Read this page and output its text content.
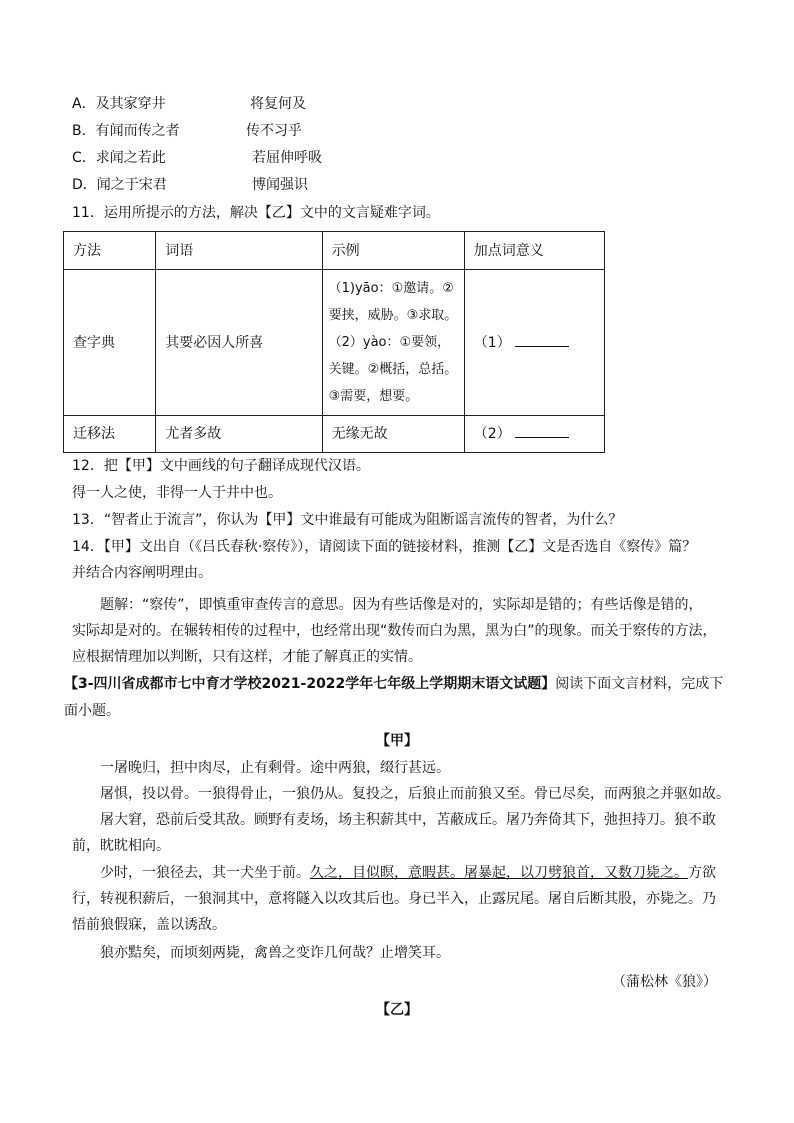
A．及其家穿井	将复何及
B．有闻而传之者	传不习乎
C．求闻之若此	若屈伸呼吸
D．闻之于宋君	博闻强识
11．运用所提示的方法，解决【乙】文中的文言疑难字词。
方法	词语	示例	加点词意义
查字典	其要必因人所喜	（1)yāo：①邀请。②
要挟，威胁。③求取。
（2）yào：①要领，
关键。②概括，总括。
③需要，想要。	（1）
迁移法	尤者多故	无缘无故	（2）
12．把【甲】文中画线的句子翻译成现代汉语。
得一人之使，非得一人于井中也。
13．“智者止于流言”，你认为【甲】文中谁最有可能成为阻断谣言流传的智者，为什么？
14．【甲】文出自（《吕氏春秋·察传》），请阅读下面的链接材料，推测【乙】文是否选自《察传》篇？
并结合内容阐明理由。
题解：“察传”，即慎重审查传言的意思。因为有些话像是对的，实际却是错的；有些话像是错的，
实际却是对的。在辗转相传的过程中，也经常出现“数传而白为黑，黑为白”的现象。而关于察传的方法，
应根据情理加以判断，只有这样，才能了解真正的实情。
【3-四川省成都市七中育才学校2021-2022学年七年级上学期期末语文试题】阅读下面文言材料，完成下
面小题。
【甲】
一屠晚归，担中肉尽，止有剩骨。途中两狼，缀行甚远。
屠惧，投以骨。一狼得骨止，一狼仍从。复投之，后狼止而前狼又至。骨已尽矣，而两狼之并驱如故。
屠大窘，恐前后受其敌。顾野有麦场，场主积薪其中，苫蔽成丘。屠乃奔倚其下，弛担持刀。狼不敢
前，眈眈相向。
少时，一狼径去，其一犬坐于前。久之，目似瞑，意暇甚。屠暴起，以刀劈狼首，又数刀毙之。方欲
行，转视积薪后，一狼洞其中，意将隧入以攻其后也。身已半入，止露尻尾。屠自后断其股，亦毙之。乃
悟前狼假寐，盖以诱敌。
狼亦黠矣，而顷刻两毙，禽兽之变诈几何哉？止增笑耳。
（蒲松林《狼》）
【乙】
